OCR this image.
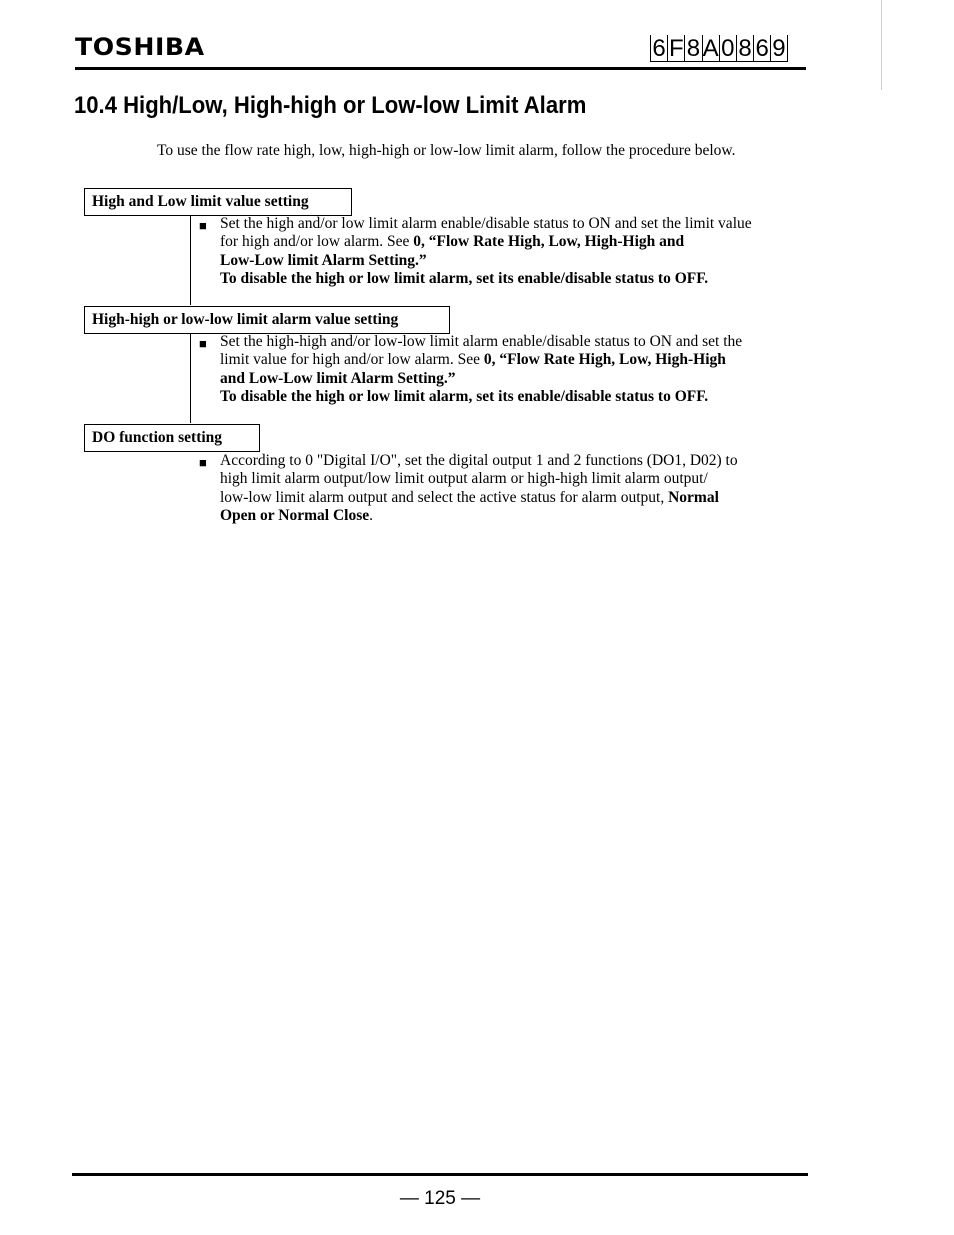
TOSHIBA	6 F 8 A 0 8 6 9
10.4 High/Low, High-high or Low-low Limit Alarm
To use the flow rate high, low, high-high or low-low limit alarm, follow the procedure below.
High and Low limit value setting
■ Set the high and/or low limit alarm enable/disable status to ON and set the limit value
for high and/or low alarm. See 0, “Flow Rate High, Low, High-High and
Low-Low limit Alarm Setting.”
To disable the high or low limit alarm, set its enable/disable status to OFF.
High-high or low-low limit alarm value setting
■ Set the high-high and/or low-low limit alarm enable/disable status to ON and set the
limit value for high and/or low alarm. See 0, “Flow Rate High, Low, High-High
and Low-Low limit Alarm Setting.”
To disable the high or low limit alarm, set its enable/disable status to OFF.
DO function setting
■ According to 0 "Digital I/O", set the digital output 1 and 2 functions (DO1, D02) to
high limit alarm output/low limit output alarm or high-high limit alarm output/
low-low limit alarm output and select the active status for alarm output, Normal
Open or Normal Close.
— 125 —
